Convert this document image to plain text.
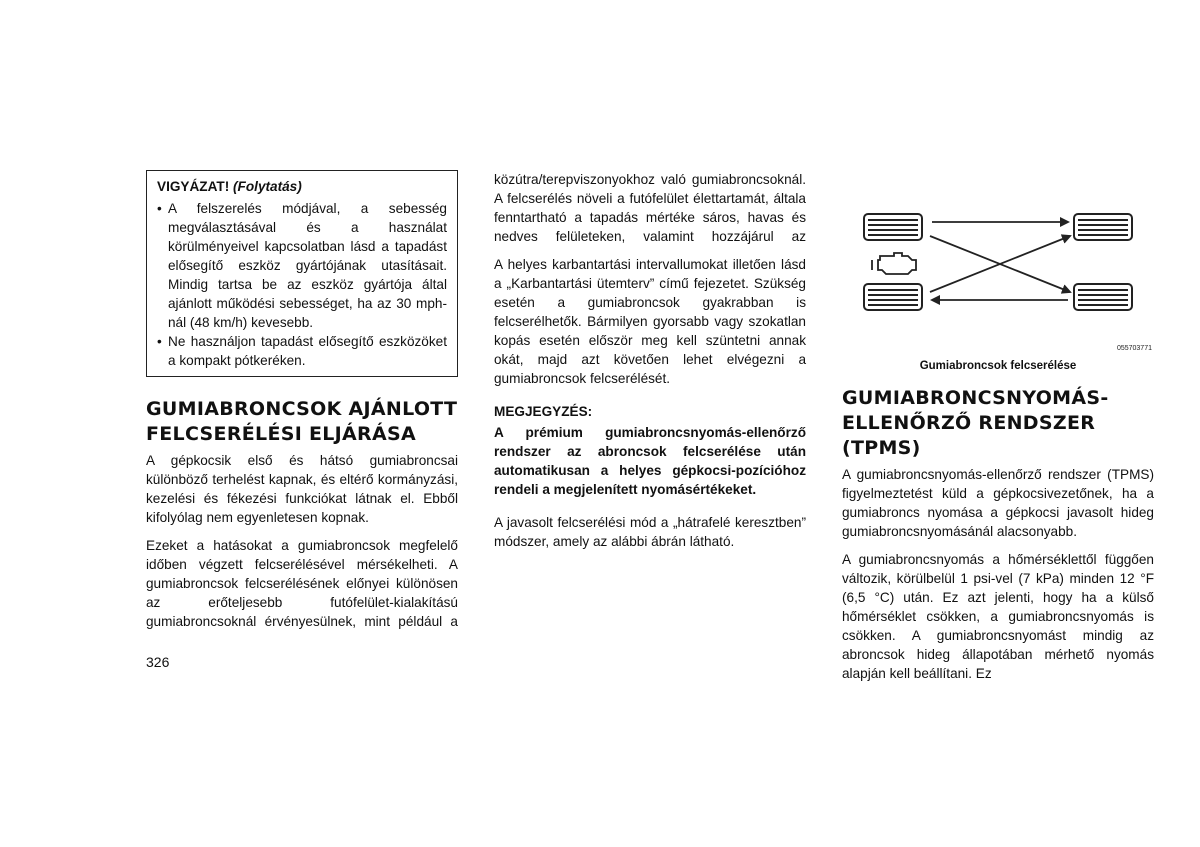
VIGYÁZAT! (Folytatás)
• A felszerelés módjával, a sebesség megválasztásával és a használat körülményeivel kapcsolatban lásd a tapadást elősegítő eszköz gyártójának utasításait. Mindig tartsa be az eszköz gyártója által ajánlott működési sebességet, ha az 30 mph-nál (48 km/h) kevesebb.
• Ne használjon tapadást elősegítő eszközöket a kompakt pótkeréken.
GUMIABRONCSOK AJÁNLOTT FELCSERÉLÉSI ELJÁRÁSA

A gépkocsik első és hátsó gumiabroncsai különböző terhelést kapnak, és eltérő kormányzási, kezelési és fékezési funkciókat látnak el. Ebből kifolyólag nem egyenletesen kopnak.

Ezeket a hatásokat a gumiabroncsok megfelelő időben végzett felcserélésével mérsékelheti. A gumiabroncsok felcserélésének előnyei különösen az erőteljesebb futófelület-kialakítású gumiabroncsoknál érvényesülnek, mint például a

közútra/terepviszonyokhoz való gumiabroncsoknál. A felcserélés növeli a futófelület élettartamát, általa fenntartható a tapadás mértéke sáros, havas és nedves felületeken, valamint hozzájárul az

A helyes karbantartási intervallumokat illetően lásd a „Karbantartási ütemterv” című fejezetet. Szükség esetén a gumiabroncsok gyakrabban is felcserélhetők. Bármilyen gyorsabb vagy szokatlan kopás esetén először meg kell szüntetni annak okát, majd azt követően lehet elvégezni a gumiabroncsok felcserélését.

MEGJEGYZÉS:
A prémium gumiabroncsnyomás-ellenőrző rendszer az abroncsok felcserélése után automatikusan a helyes gépkocsi-pozícióhoz rendeli a megjelenített nyomásértékeket.

A javasolt felcserélési mód a „hátrafelé keresztben” módszer, amely az alábbi ábrán látható.

055703771
Gumiabroncsok felcserélése
GUMIABRONCSNYOMÁS-ELLENŐRZŐ RENDSZER (TPMS)

A gumiabroncsnyomás-ellenőrző rendszer (TPMS) figyelmeztetést küld a gépkocsivezetőnek, ha a gumiabroncs nyomása a gépkocsi javasolt hideg gumiabroncsnyomásánál alacsonyabb.

A gumiabroncsnyomás a hőmérséklettől függően változik, körülbelül 1 psi-vel (7 kPa) minden 12 °F (6,5 °C) után. Ez azt jelenti, hogy ha a külső hőmérséklet csökken, a gumiabroncsnyomás is csökken. A gumiabroncsnyomást mindig az abroncsok hideg állapotában mérhető nyomás alapján kell beállítani. Ez

326
